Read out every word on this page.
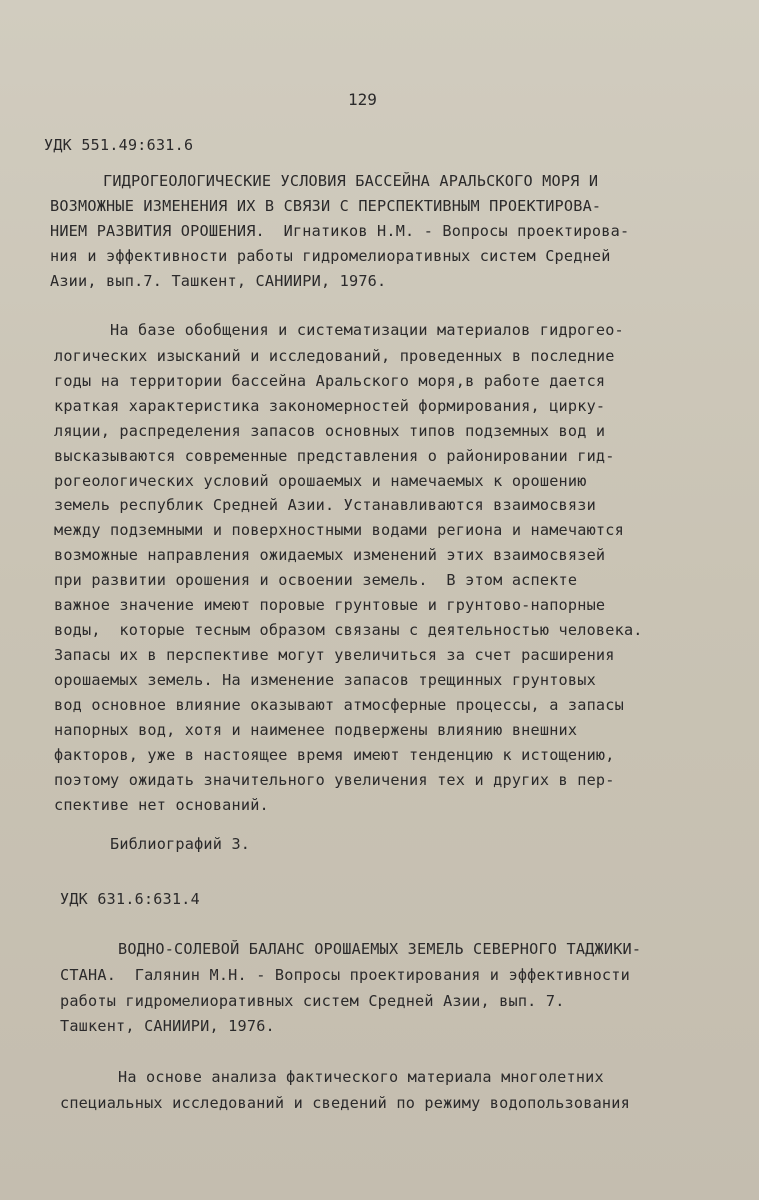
129
УДК 551.49:631.6
ГИДРОГЕОЛОГИЧЕСКИЕ УСЛОВИЯ БАССЕЙНА АРАЛЬСКОГО МОРЯ И
ВОЗМОЖНЫЕ ИЗМЕНЕНИЯ ИХ В СВЯЗИ С ПЕРСПЕКТИВНЫМ ПРОЕКТИРОВА-
НИЕМ РАЗВИТИЯ ОРОШЕНИЯ.  Игнатиков Н.М. - Вопросы проектирова-
ния и эффективности работы гидромелиоративных систем Средней
Азии, вып.7. Ташкент, САНИИРИ, 1976.
На базе обобщения и систематизации материалов гидрогео-
логических изысканий и исследований, проведенных в последние
годы на территории бассейна Аральского моря,в работе дается
краткая характеристика закономерностей формирования, цирку-
ляции, распределения запасов основных типов подземных вод и
высказываются современные представления о районировании гид-
рогеологических условий орошаемых и намечаемых к орошению
земель республик Средней Азии. Устанавливаются взаимосвязи
между подземными и поверхностными водами региона и намечаются
возможные направления ожидаемых изменений этих взаимосвязей
при развитии орошения и освоении земель.  В этом аспекте
важное значение имеют поровые грунтовые и грунтово-напорные
воды,  которые тесным образом связаны с деятельностью человека.
Запасы их в перспективе могут увеличиться за счет расширения
орошаемых земель. На изменение запасов трещинных грунтовых
вод основное влияние оказывают атмосферные процессы, а запасы
напорных вод, хотя и наименее подвержены влиянию внешних
факторов, уже в настоящее время имеют тенденцию к истощению,
поэтому ожидать значительного увеличения тех и других в пер-
спективе нет оснований.
Библиографий 3.
УДК 631.6:631.4
ВОДНО-СОЛЕВОЙ БАЛАНС ОРОШАЕМЫХ ЗЕМЕЛЬ СЕВЕРНОГО ТАДЖИКИ-
СТАНА.  Галянин М.Н. - Вопросы проектирования и эффективности
работы гидромелиоративных систем Средней Азии, вып. 7.
Ташкент, САНИИРИ, 1976.
На основе анализа фактического материала многолетних
специальных исследований и сведений по режиму водопользования
